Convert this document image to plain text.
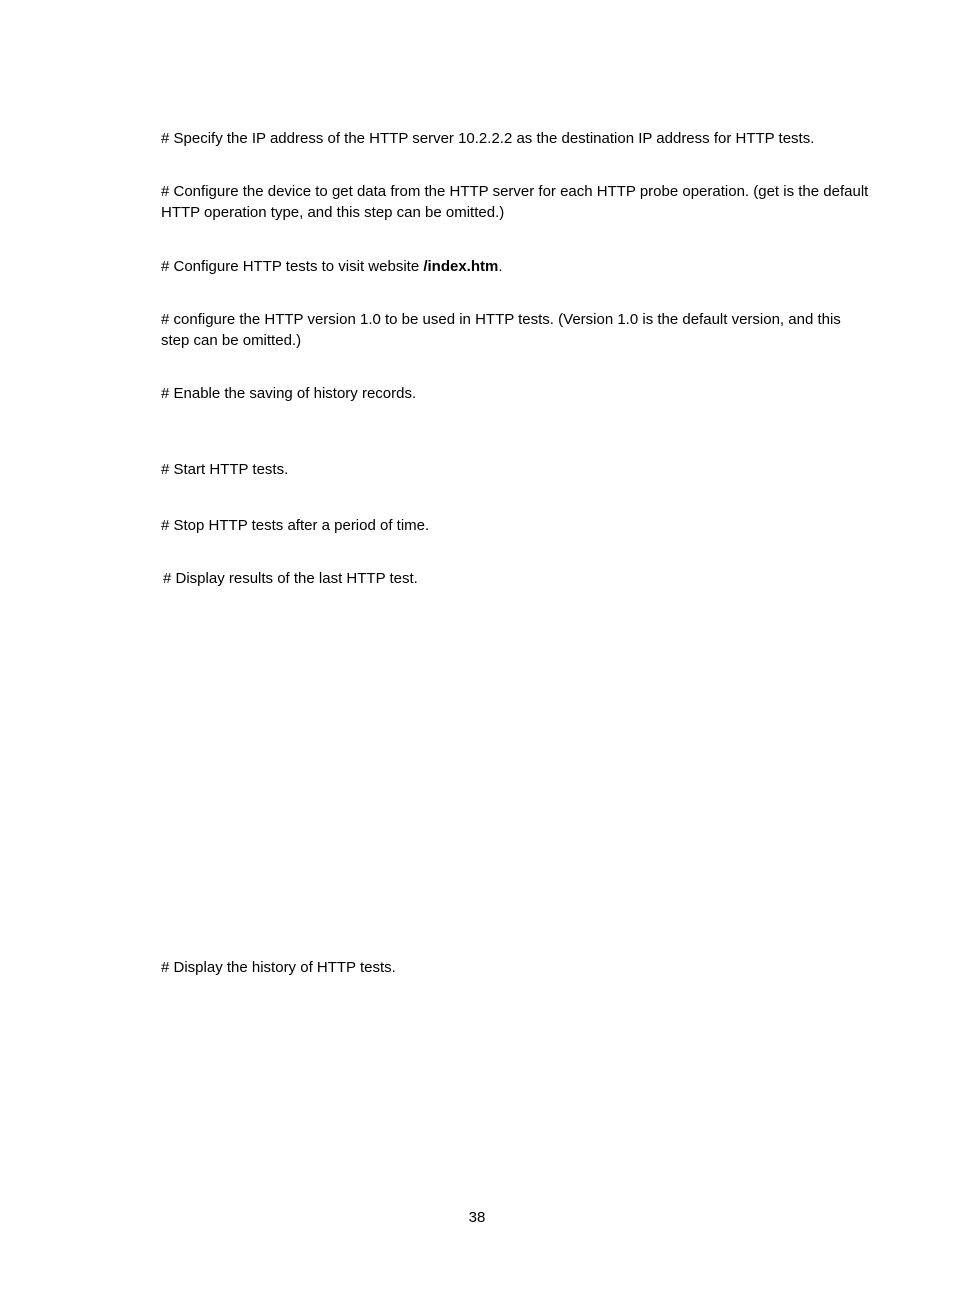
# Specify the IP address of the HTTP server 10.2.2.2 as the destination IP address for HTTP tests.

# Configure the device to get data from the HTTP server for each HTTP probe operation. (get is the default HTTP operation type, and this step can be omitted.)

# Configure HTTP tests to visit website /index.htm.

# configure the HTTP version 1.0 to be used in HTTP tests. (Version 1.0 is the default version, and this step can be omitted.)

# Enable the saving of history records.

# Start HTTP tests.

# Stop HTTP tests after a period of time.

# Display results of the last HTTP test.

# Display the history of HTTP tests.

38
